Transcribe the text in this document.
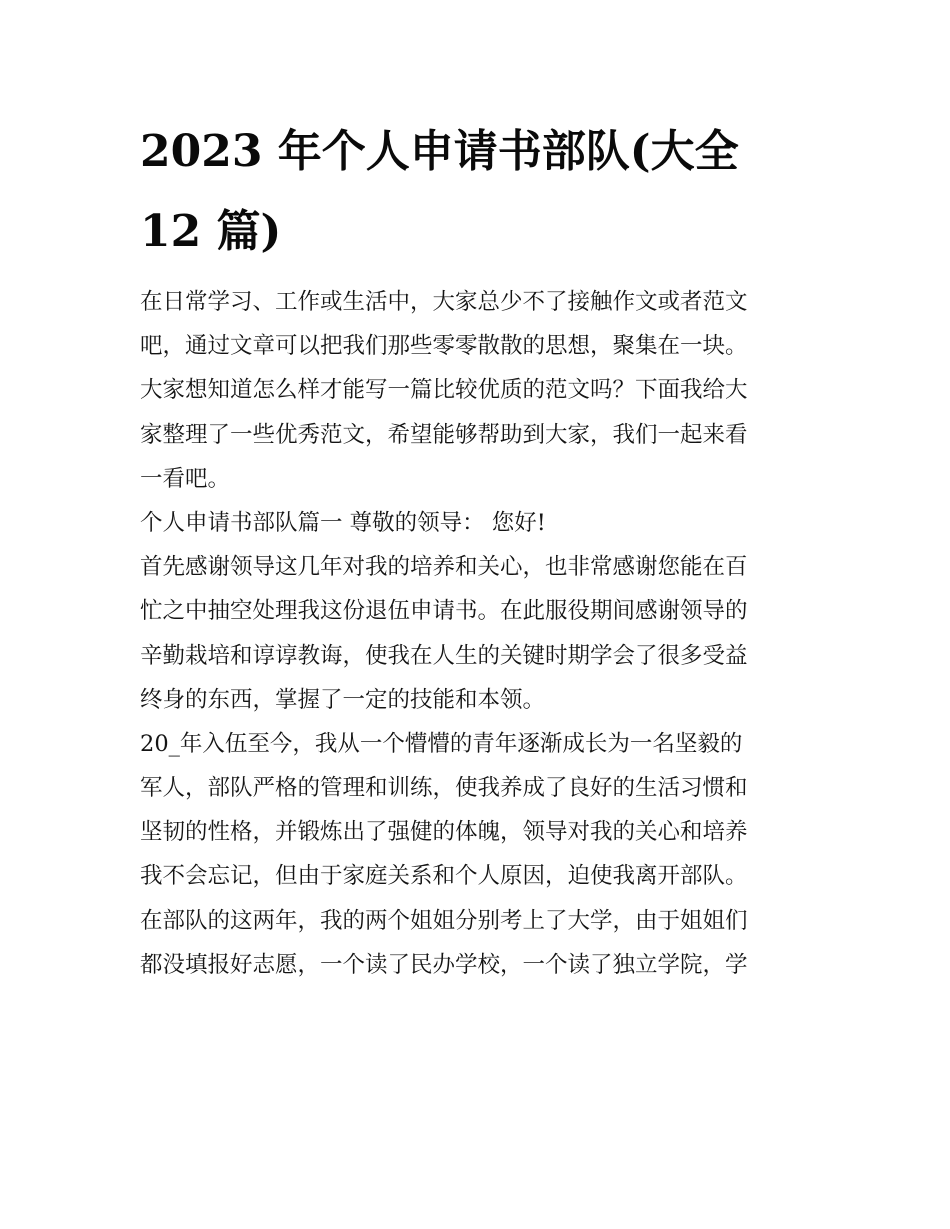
2023 年个人申请书部队(大全
12 篇)
在日常学习、工作或生活中，大家总少不了接触作文或者范文
吧，通过文章可以把我们那些零零散散的思想，聚集在一块。
大家想知道怎么样才能写一篇比较优质的范文吗？下面我给大
家整理了一些优秀范文，希望能够帮助到大家，我们一起来看
一看吧。
个人申请书部队篇一 尊敬的领导： 您好!
首先感谢领导这几年对我的培养和关心，也非常感谢您能在百
忙之中抽空处理我这份退伍申请书。在此服役期间感谢领导的
辛勤栽培和谆谆教诲，使我在人生的关键时期学会了很多受益
终身的东西，掌握了一定的技能和本领。
20_年入伍至今，我从一个懵懵的青年逐渐成长为一名坚毅的
军人，部队严格的管理和训练，使我养成了良好的生活习惯和
坚韧的性格，并锻炼出了强健的体魄，领导对我的关心和培养
我不会忘记，但由于家庭关系和个人原因，迫使我离开部队。
在部队的这两年，我的两个姐姐分别考上了大学，由于姐姐们
都没填报好志愿，一个读了民办学校，一个读了独立学院，学
